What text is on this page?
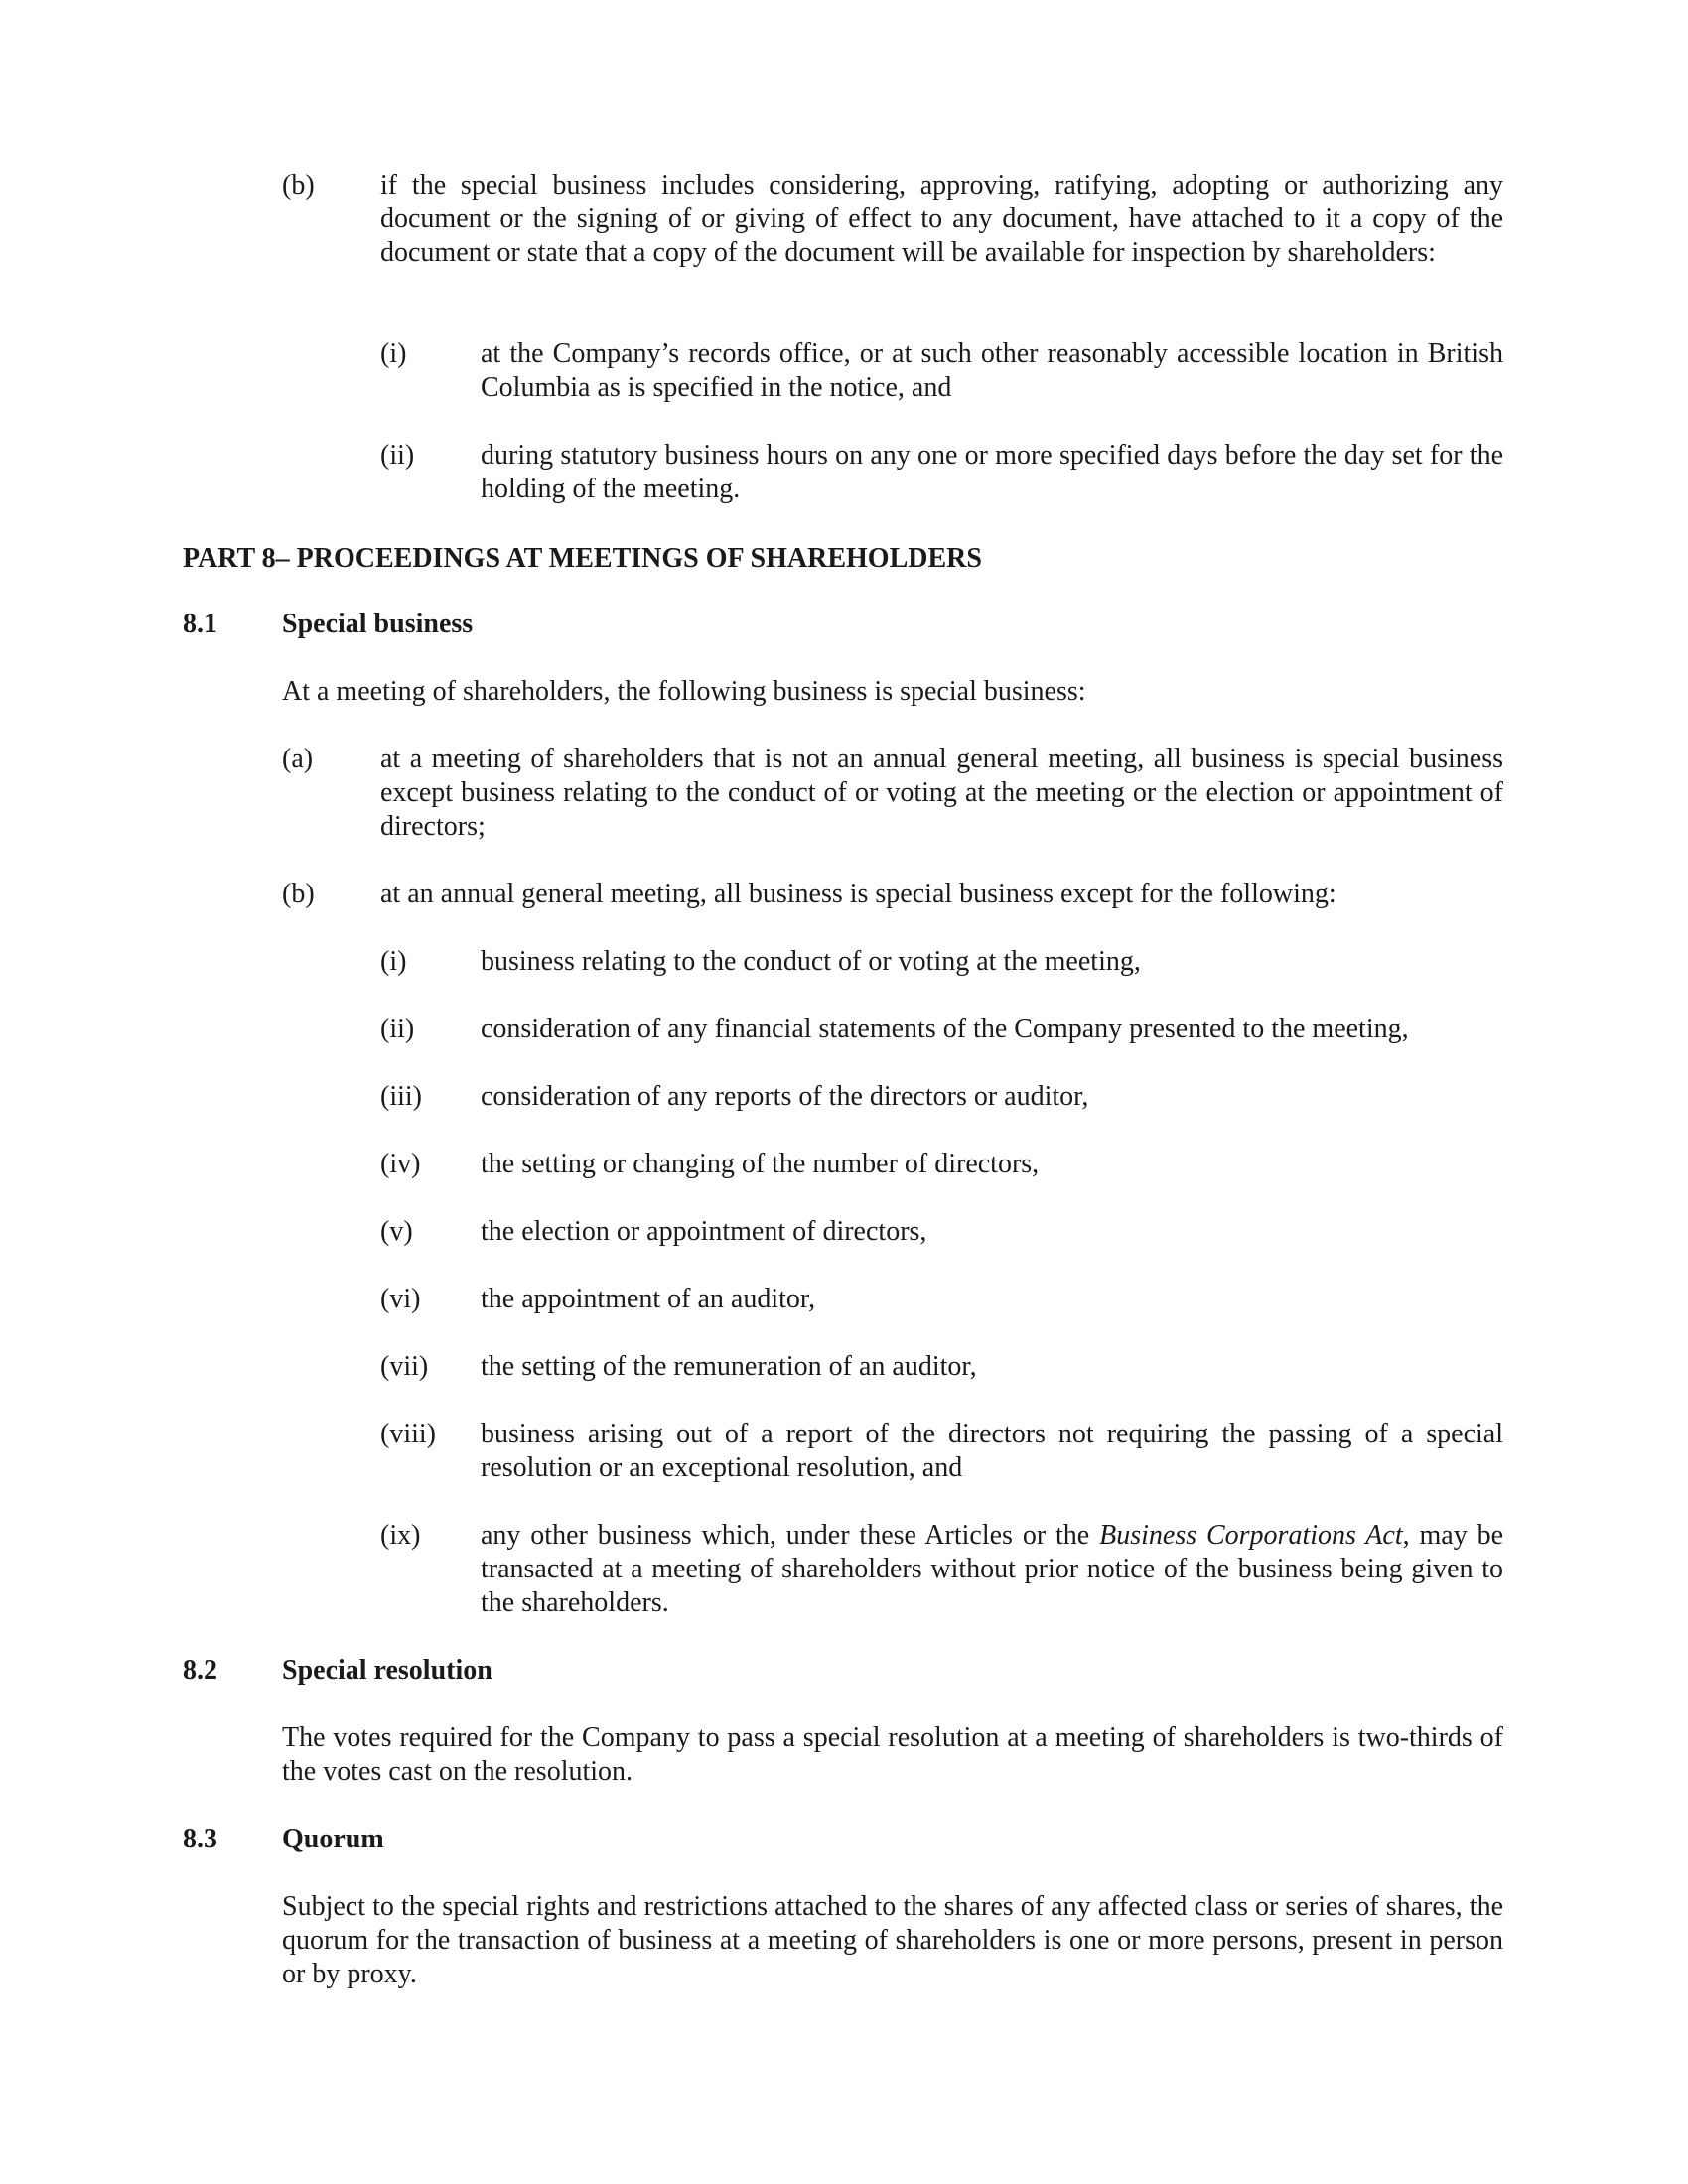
(b) if the special business includes considering, approving, ratifying, adopting or authorizing any document or the signing of or giving of effect to any document, have attached to it a copy of the document or state that a copy of the document will be available for inspection by shareholders:
(i)	at the Company’s records office, or at such other reasonably accessible location in British Columbia as is specified in the notice, and
(ii) during statutory business hours on any one or more specified days before the day set for the holding of the meeting.
PART 8– PROCEEDINGS AT MEETINGS OF SHAREHOLDERS
8.1 Special business
At a meeting of shareholders, the following business is special business:
(a) at a meeting of shareholders that is not an annual general meeting, all business is special business except business relating to the conduct of or voting at the meeting or the election or appointment of directors;
(b) at an annual general meeting, all business is special business except for the following:
(i)	business relating to the conduct of or voting at the meeting,
(ii) consideration of any financial statements of the Company presented to the meeting,
(iii) consideration of any reports of the directors or auditor,
(iv) the setting or changing of the number of directors,
(v) the election or appointment of directors,
(vi) the appointment of an auditor,
(vii) the setting of the remuneration of an auditor,
(viii) business arising out of a report of the directors not requiring the passing of a special resolution or an exceptional resolution, and
(ix) any other business which, under these Articles or the Business Corporations Act, may be transacted at a meeting of shareholders without prior notice of the business being given to the shareholders.
8.2 Special resolution
The votes required for the Company to pass a special resolution at a meeting of shareholders is two-thirds of the votes cast on the resolution.
8.3 Quorum
Subject to the special rights and restrictions attached to the shares of any affected class or series of shares, the quorum for the transaction of business at a meeting of shareholders is one or more persons, present in person or by proxy.
